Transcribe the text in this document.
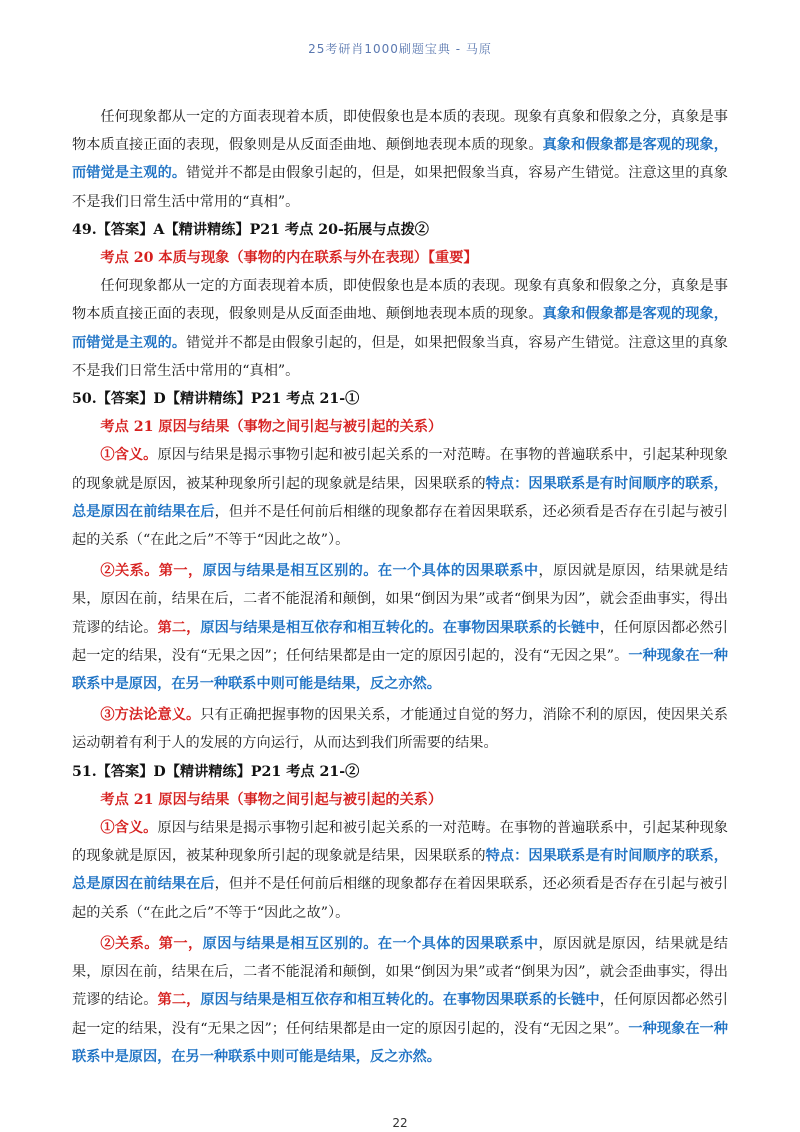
25考研肖1000刷题宝典 - 马原

任何现象都从一定的方面表现着本质，即使假象也是本质的表现。现象有真象和假象之分，真象是事物本质直接正面的表现，假象则是从反面歪曲地、颠倒地表现本质的现象。真象和假象都是客观的现象，而错觉是主观的。错觉并不都是由假象引起的，但是，如果把假象当真，容易产生错觉。注意这里的真象不是我们日常生活中常用的“真相”。

49.【答案】A【精讲精练】P21 考点 20-拓展与点拨②

考点 20 本质与现象（事物的内在联系与外在表现）【重要】

任何现象都从一定的方面表现着本质，即使假象也是本质的表现。现象有真象和假象之分，真象是事物本质直接正面的表现，假象则是从反面歪曲地、颠倒地表现本质的现象。真象和假象都是客观的现象，而错觉是主观的。错觉并不都是由假象引起的，但是，如果把假象当真，容易产生错觉。注意这里的真象不是我们日常生活中常用的“真相”。

50.【答案】D【精讲精练】P21 考点 21-①

考点 21 原因与结果（事物之间引起与被引起的关系）

①含义。原因与结果是揭示事物引起和被引起关系的一对范畴。在事物的普遍联系中，引起某种现象的现象就是原因，被某种现象所引起的现象就是结果，因果联系的特点：因果联系是有时间顺序的联系，总是原因在前结果在后，但并不是任何前后相继的现象都存在着因果联系，还必须看是否存在引起与被引起的关系（“在此之后”不等于“因此之故”）。

②关系。第一，原因与结果是相互区别的。在一个具体的因果联系中，原因就是原因，结果就是结果，原因在前，结果在后，二者不能混淆和颠倒，如果“倒因为果”或者“倒果为因”，就会歪曲事实，得出荒谬的结论。第二，原因与结果是相互依存和相互转化的。在事物因果联系的长链中，任何原因都必然引起一定的结果，没有“无果之因”；任何结果都是由一定的原因引起的，没有“无因之果”。一种现象在一种联系中是原因，在另一种联系中则可能是结果，反之亦然。

③方法论意义。只有正确把握事物的因果关系，才能通过自觉的努力，消除不利的原因，使因果关系运动朝着有利于人的发展的方向运行，从而达到我们所需要的结果。

51.【答案】D【精讲精练】P21 考点 21-②

考点 21 原因与结果（事物之间引起与被引起的关系）

①含义。原因与结果是揭示事物引起和被引起关系的一对范畴。在事物的普遍联系中，引起某种现象的现象就是原因，被某种现象所引起的现象就是结果，因果联系的特点：因果联系是有时间顺序的联系，总是原因在前结果在后，但并不是任何前后相继的现象都存在着因果联系，还必须看是否存在引起与被引起的关系（“在此之后”不等于“因此之故”）。

②关系。第一，原因与结果是相互区别的。在一个具体的因果联系中，原因就是原因，结果就是结果，原因在前，结果在后，二者不能混淆和颠倒，如果“倒因为果”或者“倒果为因”，就会歪曲事实，得出荒谬的结论。第二，原因与结果是相互依存和相互转化的。在事物因果联系的长链中，任何原因都必然引起一定的结果，没有“无果之因”；任何结果都是由一定的原因引起的，没有“无因之果”。一种现象在一种联系中是原因，在另一种联系中则可能是结果，反之亦然。

22
